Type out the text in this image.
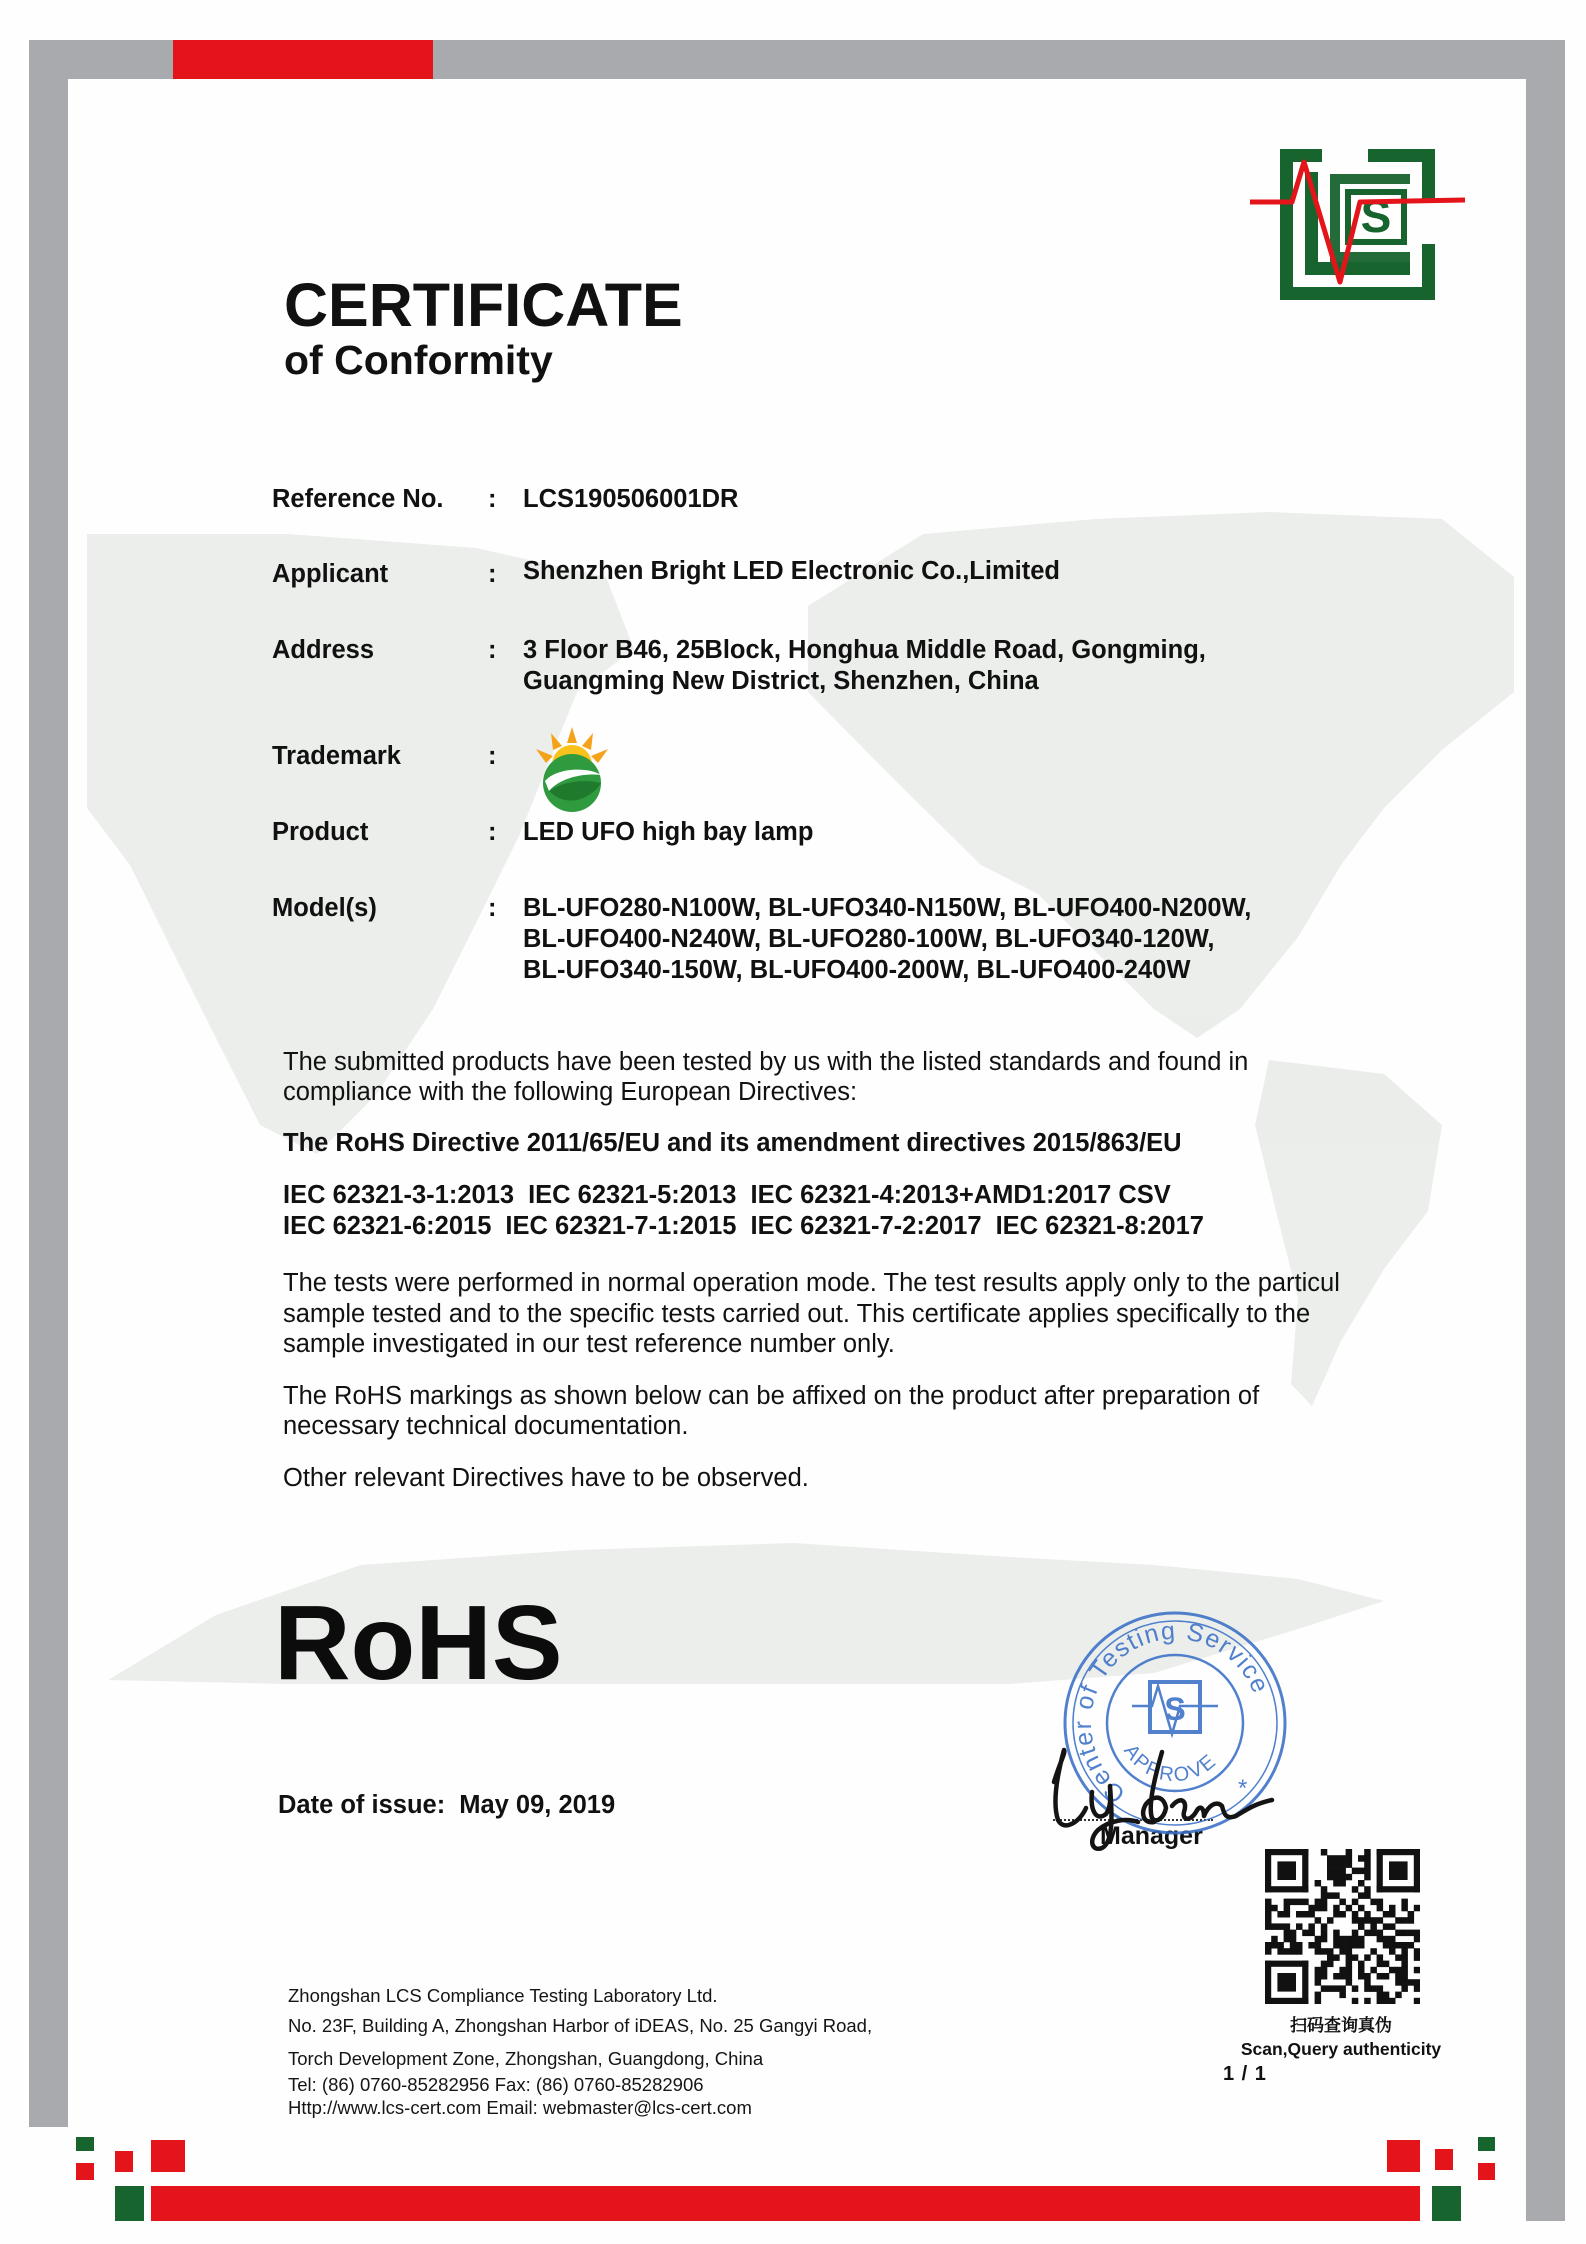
S
CERTIFICATE
of Conformity
Reference No. : LCS190506001DR
Applicant	: Shenzhen Bright LED Electronic Co.,Limited
Address	: 3 Floor B46, 25Block, Honghua Middle Road, Gongming,
Guangming New District, Shenzhen, China
Trademark	:
Product	: LED UFO high bay lamp
Model(s)	: BL-UFO280-N100W, BL-UFO340-N150W, BL-UFO400-N200W,
BL-UFO400-N240W, BL-UFO280-100W, BL-UFO340-120W,
BL-UFO340-150W, BL-UFO400-200W, BL-UFO400-240W
The submitted products have been tested by us with the listed standards and found in
compliance with the following European Directives:
The RoHS Directive 2011/65/EU and its amendment directives 2015/863/EU
IEC 62321-3-1:2013 IEC 62321-5:2013 IEC 62321-4:2013+AMD1:2017 CSV
IEC 62321-6:2015 IEC 62321-7-1:2015 IEC 62321-7-2:2017 IEC 62321-8:2017
The tests were performed in normal operation mode. The test results apply only to the particul
sample tested and to the specific tests carried out. This certificate applies specifically to the
sample investigated in our test reference number only.
The RoHS markings as shown below can be affixed on the product after preparation of
necessary technical documentation.
Other relevant Directives have to be observed.
RoHS
Date of issue: May 09, 2019	Center of Testing Service
*
S
APPROVE
Manager
扫码查询真伪
Scan,Query authenticity
1 / 1
Zhongshan LCS Compliance Testing Laboratory Ltd.
No. 23F, Building A, Zhongshan Harbor of iDEAS, No. 25 Gangyi Road,
Torch Development Zone, Zhongshan, Guangdong, China
Tel: (86) 0760-85282956 Fax: (86) 0760-85282906
Http://www.lcs-cert.com Email: webmaster@lcs-cert.com
